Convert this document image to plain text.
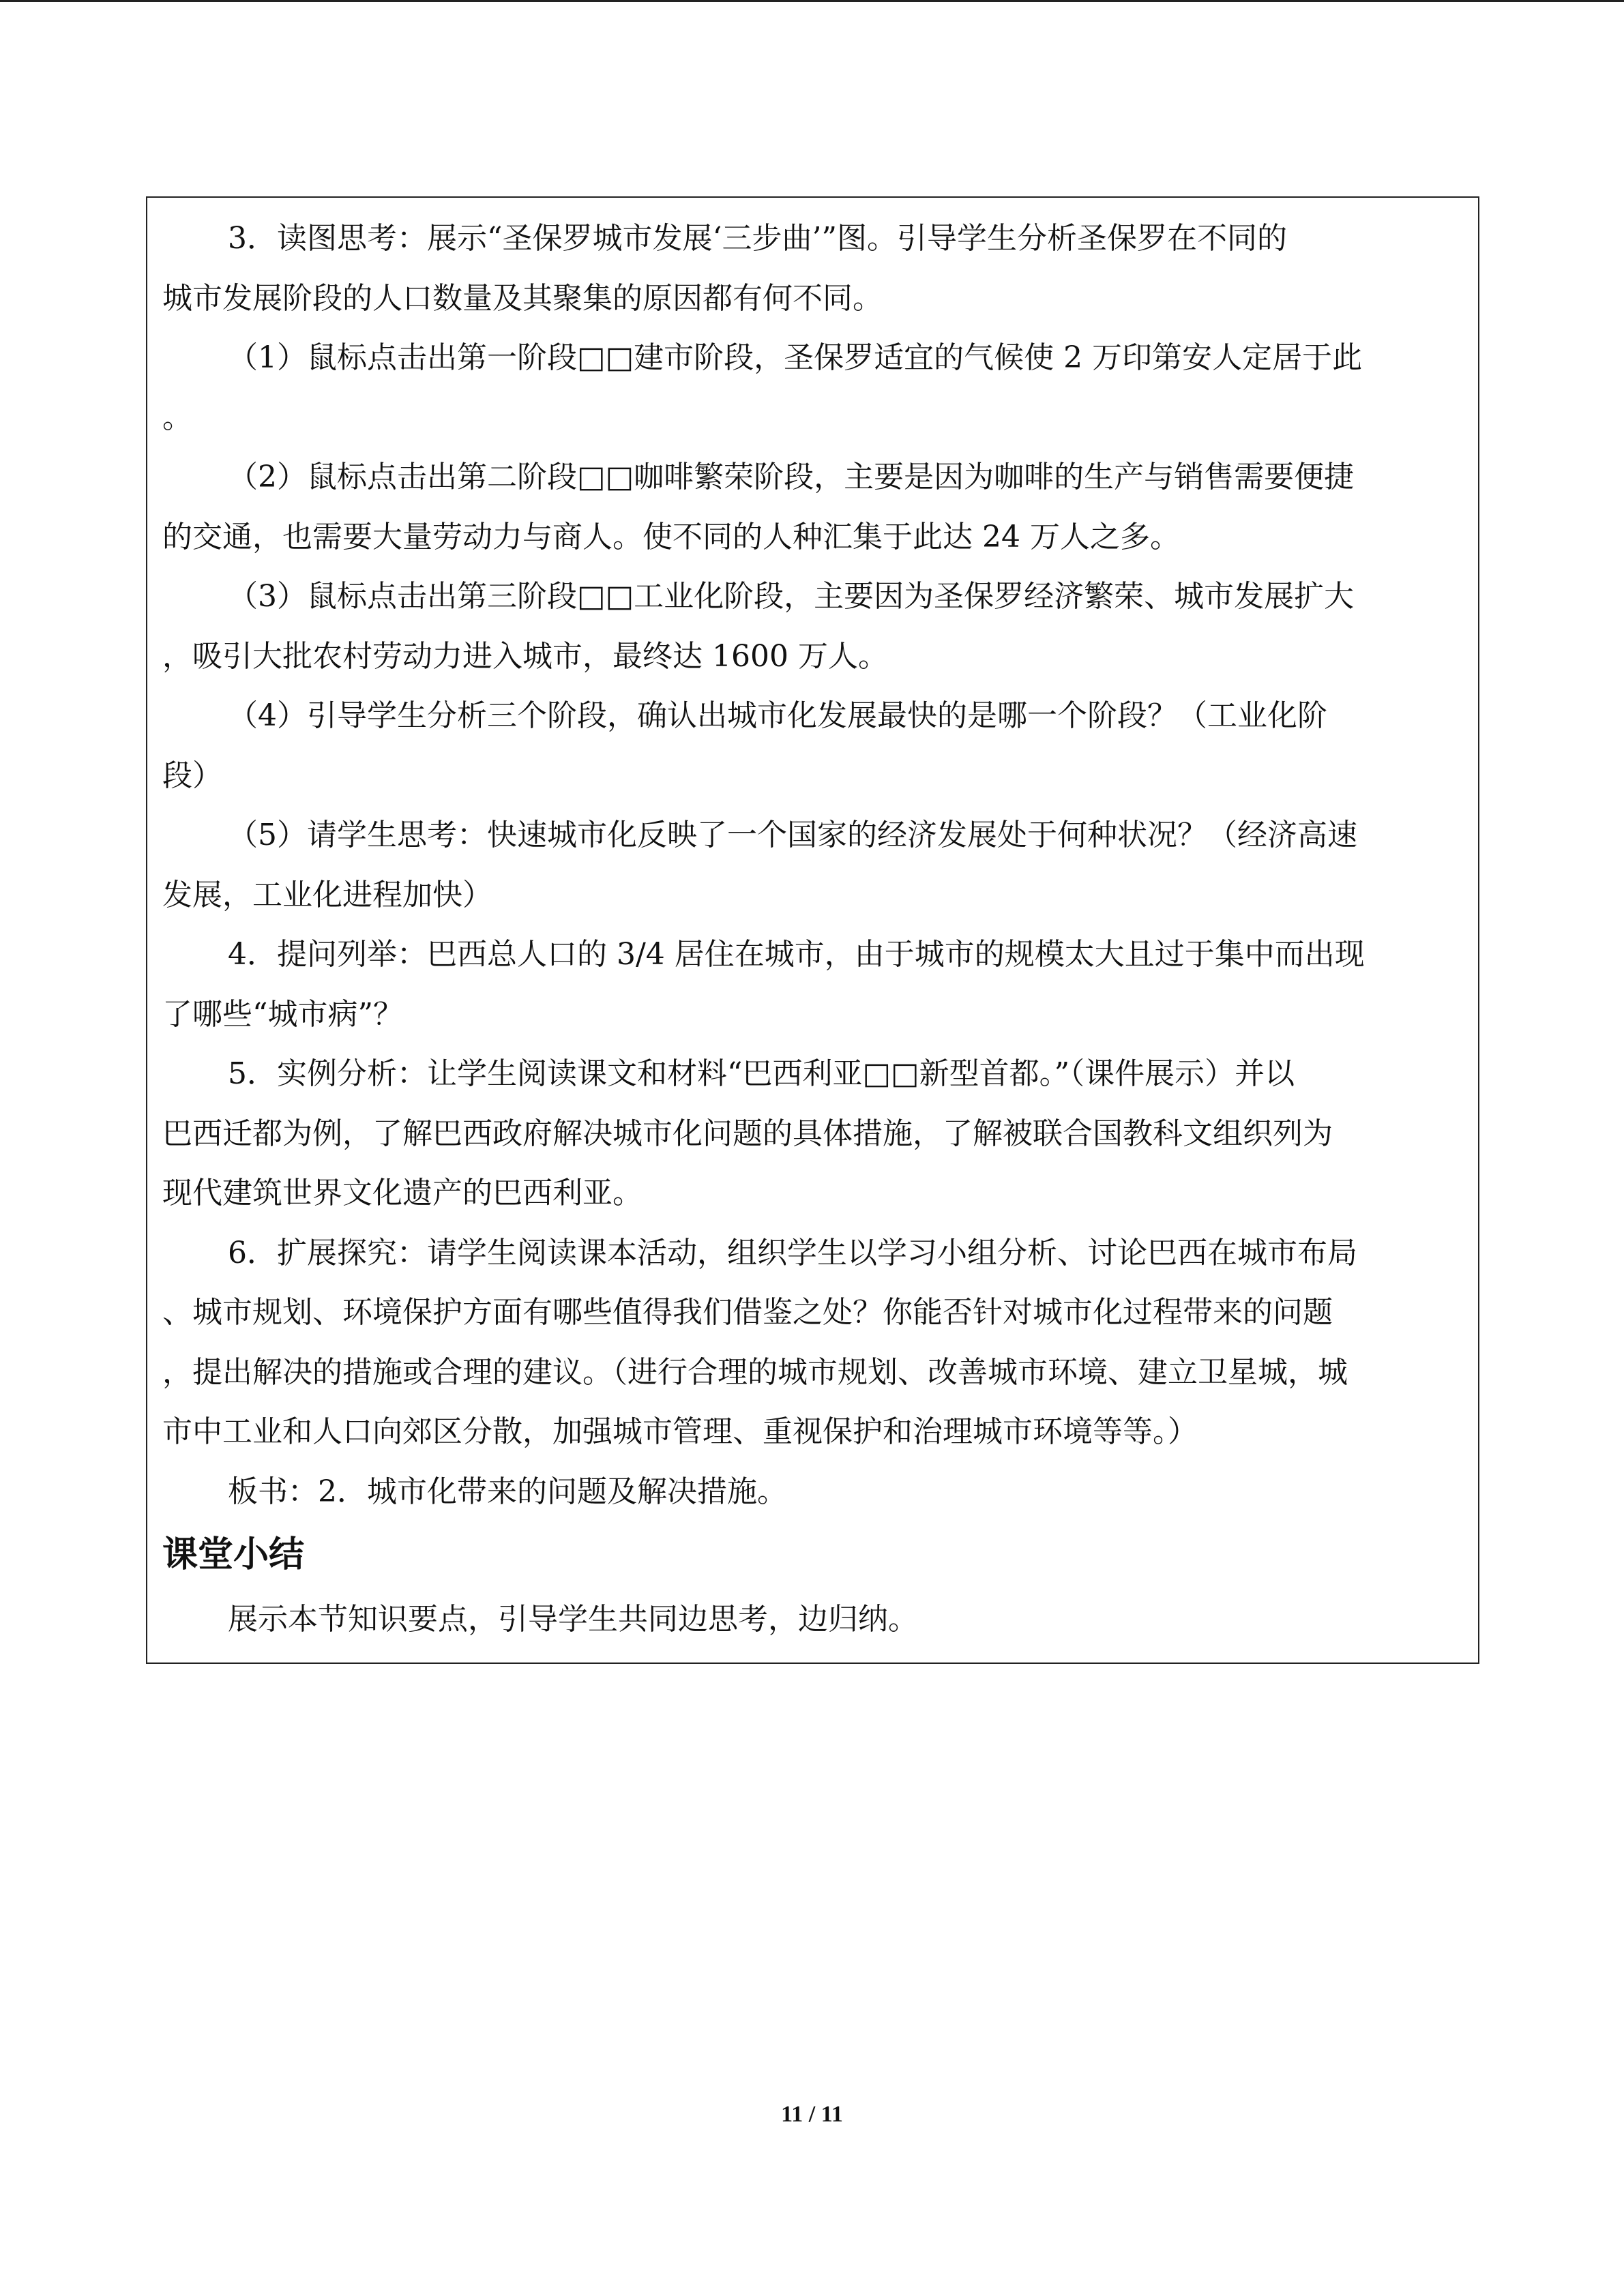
3．读图思考：展示“圣保罗城市发展‘三步曲’”图。引导学生分析圣保罗在不同的
城市发展阶段的人口数量及其聚集的原因都有何不同。
（1）鼠标点击出第一阶段□□建市阶段，圣保罗适宜的气候使 2 万印第安人定居于此
。
（2）鼠标点击出第二阶段□□咖啡繁荣阶段，主要是因为咖啡的生产与销售需要便捷
的交通，也需要大量劳动力与商人。使不同的人种汇集于此达 24 万人之多。
（3）鼠标点击出第三阶段□□工业化阶段，主要因为圣保罗经济繁荣、城市发展扩大
，吸引大批农村劳动力进入城市，最终达 1600 万人。
（4）引导学生分析三个阶段，确认出城市化发展最快的是哪一个阶段？（工业化阶
段）
（5）请学生思考：快速城市化反映了一个国家的经济发展处于何种状况？（经济高速
发展，工业化进程加快）
4．提问列举：巴西总人口的 3/4 居住在城市，由于城市的规模太大且过于集中而出现
了哪些“城市病”？
5．实例分析：让学生阅读课文和材料“巴西利亚□□新型首都。”（课件展示）并以
巴西迁都为例，了解巴西政府解决城市化问题的具体措施，了解被联合国教科文组织列为
现代建筑世界文化遗产的巴西利亚。
6．扩展探究：请学生阅读课本活动，组织学生以学习小组分析、讨论巴西在城市布局
、城市规划、环境保护方面有哪些值得我们借鉴之处？你能否针对城市化过程带来的问题
，提出解决的措施或合理的建议。（进行合理的城市规划、改善城市环境、建立卫星城，城
市中工业和人口向郊区分散，加强城市管理、重视保护和治理城市环境等等。）
板书：2．城市化带来的问题及解决措施。
课堂小结
展示本节知识要点，引导学生共同边思考，边归纳。
11 / 11
